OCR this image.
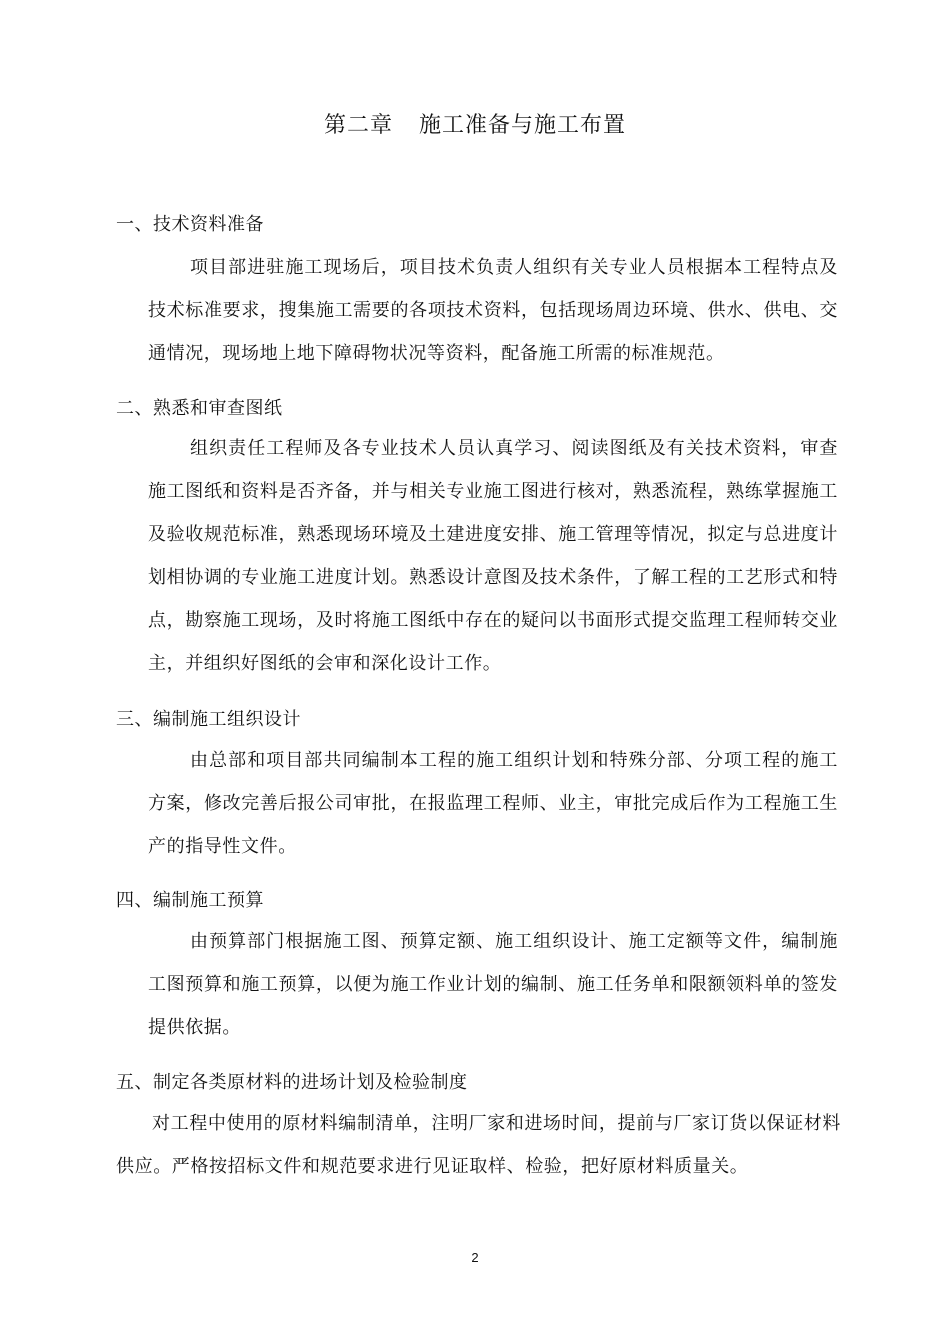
第二章 施工准备与施工布置
一、技术资料准备
项目部进驻施工现场后，项目技术负责人组织有关专业人员根据本工程特点及技术标准要求，搜集施工需要的各项技术资料，包括现场周边环境、供水、供电、交通情况，现场地上地下障碍物状况等资料，配备施工所需的标准规范。
二、熟悉和审查图纸
组织责任工程师及各专业技术人员认真学习、阅读图纸及有关技术资料，审查施工图纸和资料是否齐备，并与相关专业施工图进行核对，熟悉流程，熟练掌握施工及验收规范标准，熟悉现场环境及土建进度安排、施工管理等情况，拟定与总进度计划相协调的专业施工进度计划。熟悉设计意图及技术条件，了解工程的工艺形式和特点，勘察施工现场，及时将施工图纸中存在的疑问以书面形式提交监理工程师转交业主，并组织好图纸的会审和深化设计工作。
三、编制施工组织设计
由总部和项目部共同编制本工程的施工组织计划和特殊分部、分项工程的施工方案，修改完善后报公司审批，在报监理工程师、业主，审批完成后作为工程施工生产的指导性文件。
四、编制施工预算
由预算部门根据施工图、预算定额、施工组织设计、施工定额等文件，编制施工图预算和施工预算，以便为施工作业计划的编制、施工任务单和限额领料单的签发提供依据。
五、制定各类原材料的进场计划及检验制度
对工程中使用的原材料编制清单，注明厂家和进场时间，提前与厂家订货以保证材料供应。严格按招标文件和规范要求进行见证取样、检验，把好原材料质量关。
2
